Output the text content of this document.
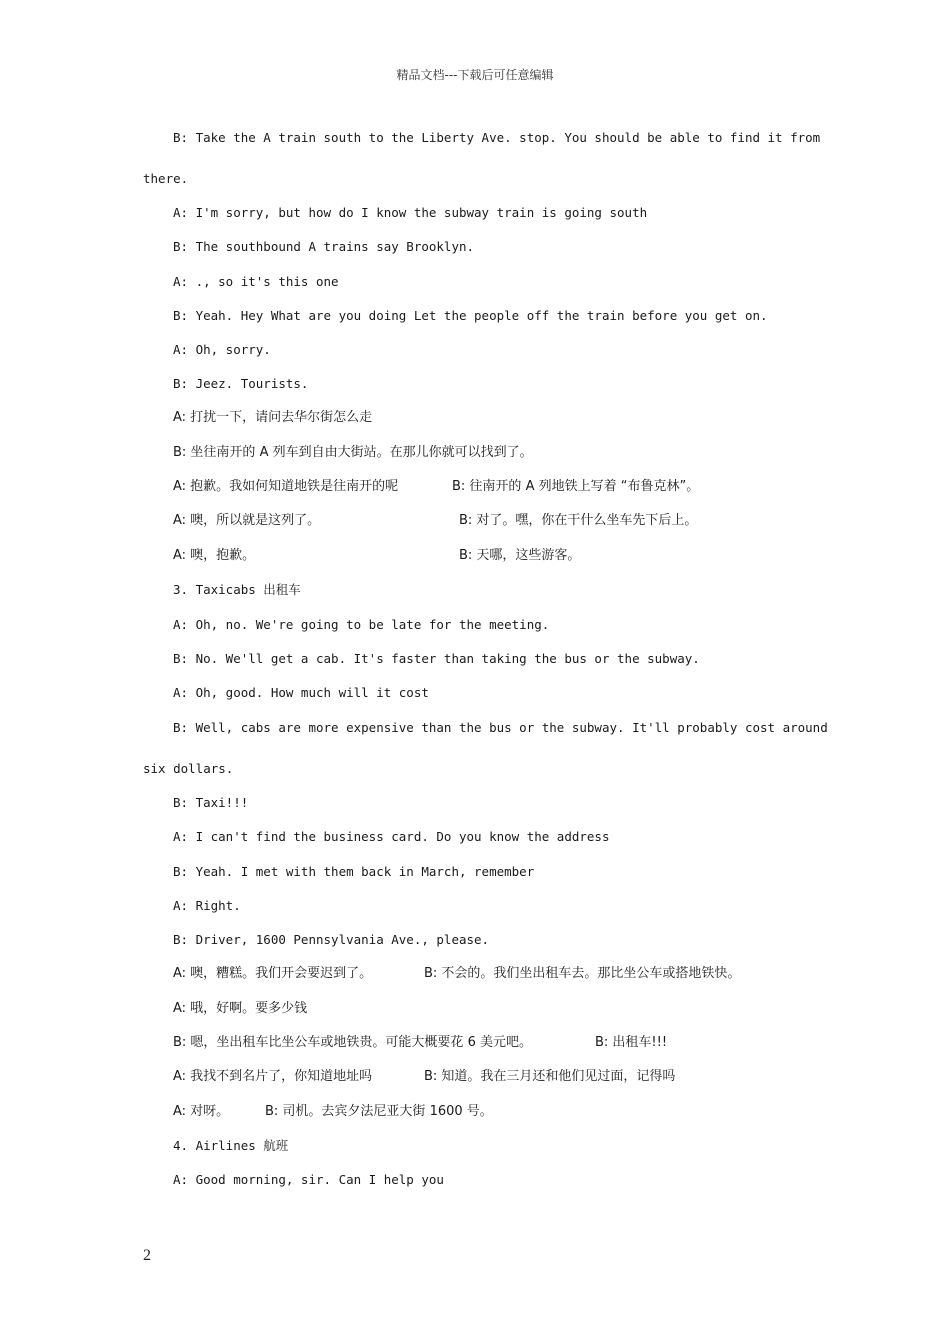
精品文档---下载后可任意编辑
B: Take the A train south to the Liberty Ave. stop. You should be able to find it from
there.
A: I'm sorry, but how do I know the subway train is going south
B: The southbound A trains say Brooklyn.
A: ., so it's this one
B: Yeah. Hey What are you doing Let the people off the train before you get on.
A: Oh, sorry.
B: Jeez. Tourists.
A: 打扰一下，请问去华尔街怎么走
B: 坐往南开的 A 列车到自由大街站。在那儿你就可以找到了。
A: 抱歉。我如何知道地铁是往南开的呢	B: 往南开的 A 列地铁上写着 “布鲁克林”。
A: 噢，所以就是这列了。	B: 对了。嘿，你在干什么坐车先下后上。
A: 噢，抱歉。	B: 天哪，这些游客。
3. Taxicabs 出租车
A: Oh, no. We're going to be late for the meeting.
B: No. We'll get a cab. It's faster than taking the bus or the subway.
A: Oh, good. How much will it cost
B: Well, cabs are more expensive than the bus or the subway. It'll probably cost around
six dollars.
B: Taxi!!!
A: I can't find the business card. Do you know the address
B: Yeah. I met with them back in March, remember
A: Right.
B: Driver, 1600 Pennsylvania Ave., please.
A: 噢，糟糕。我们开会要迟到了。	B: 不会的。我们坐出租车去。那比坐公车或搭地铁快。
A: 哦，好啊。要多少钱
B: 嗯，坐出租车比坐公车或地铁贵。可能大概要花 6 美元吧。	B: 出租车!!!
A: 我找不到名片了，你知道地址吗	B: 知道。我在三月还和他们见过面，记得吗
A: 对呀。	B: 司机。去宾夕法尼亚大街 1600 号。
4. Airlines 航班
A: Good morning, sir. Can I help you
2
